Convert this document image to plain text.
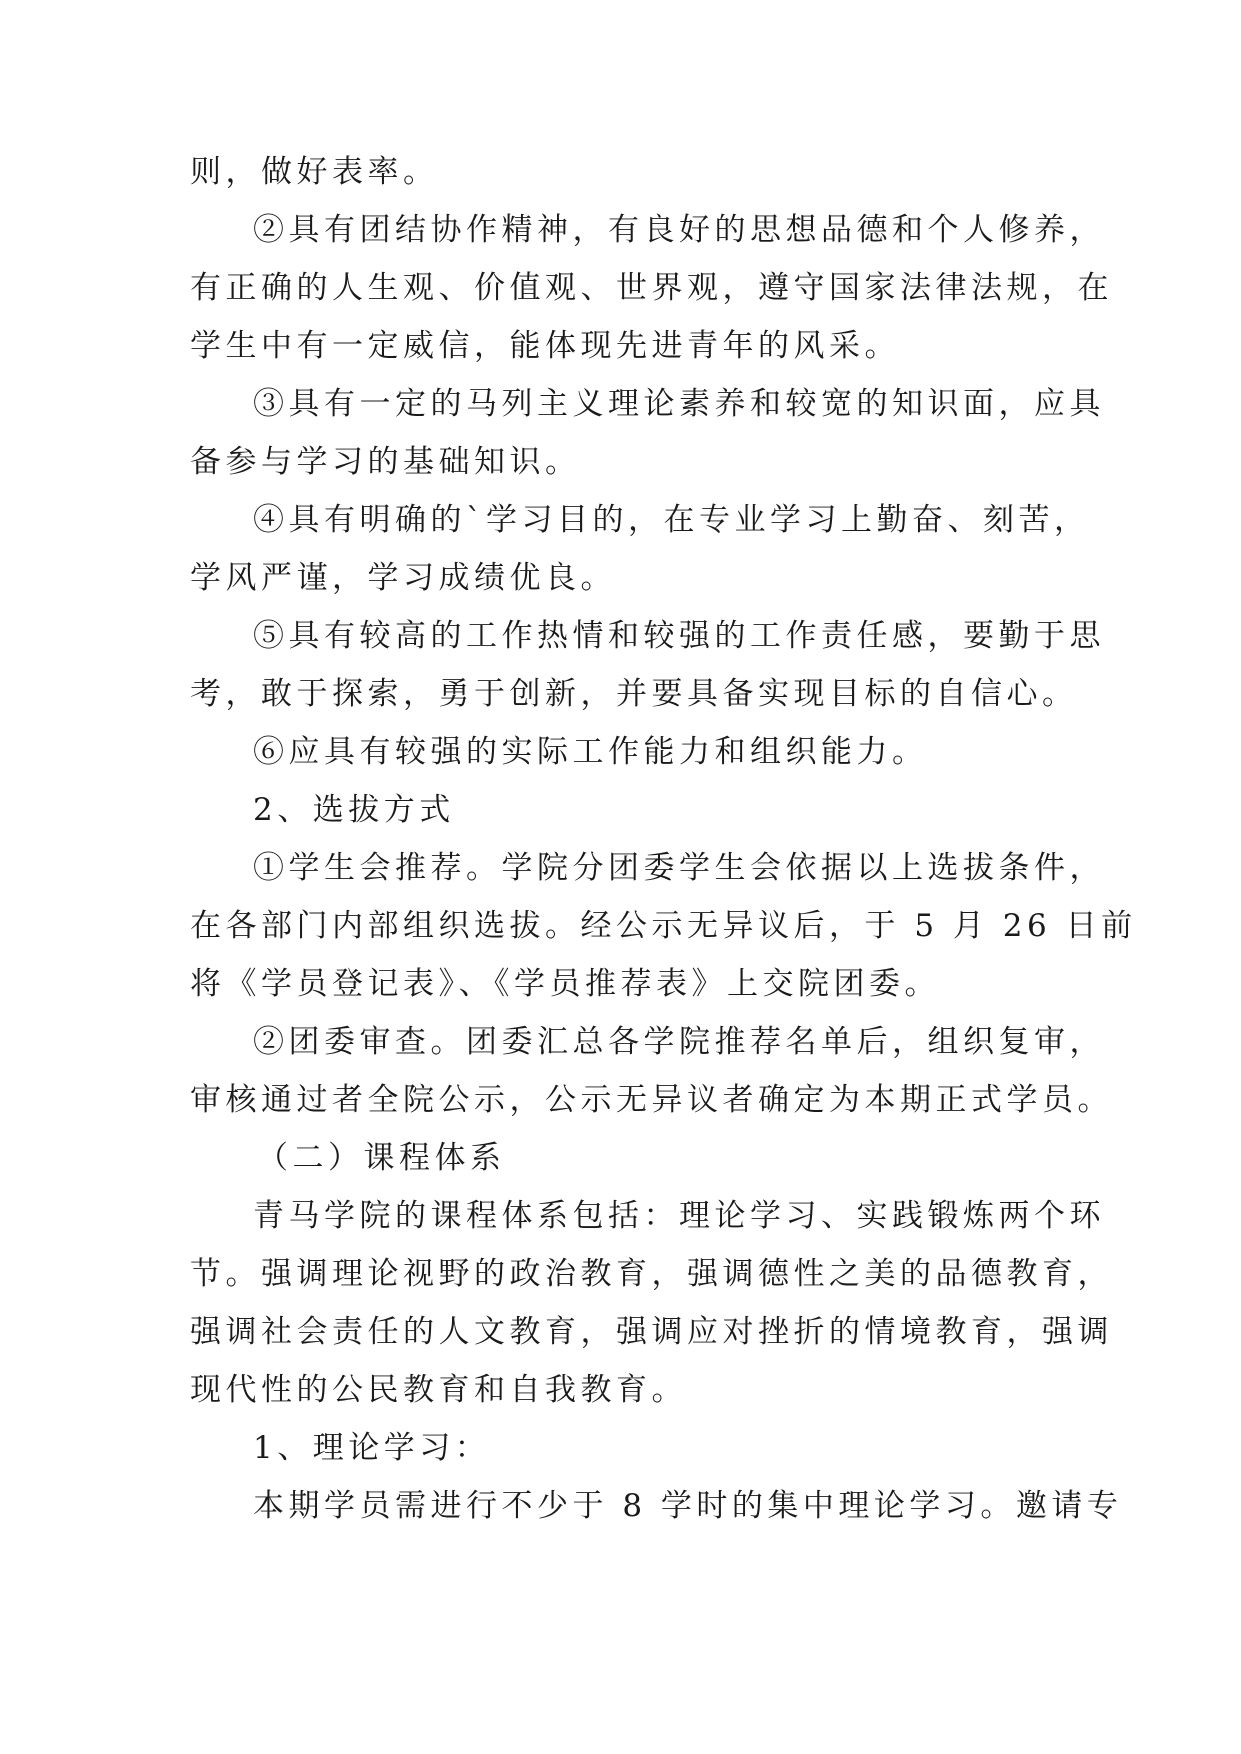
则，做好表率。
②具有团结协作精神，有良好的思想品德和个人修养，
有正确的人生观、价值观、世界观，遵守国家法律法规，在
学生中有一定威信，能体现先进青年的风采。
③具有一定的马列主义理论素养和较宽的知识面，应具
备参与学习的基础知识。
④具有明确的`学习目的，在专业学习上勤奋、刻苦，
学风严谨，学习成绩优良。
⑤具有较高的工作热情和较强的工作责任感，要勤于思
考，敢于探索，勇于创新，并要具备实现目标的自信心。
⑥应具有较强的实际工作能力和组织能力。
2、选拔方式
①学生会推荐。学院分团委学生会依据以上选拔条件，
在各部门内部组织选拔。经公示无异议后，于 5 月 26 日前
将《学员登记表》、《学员推荐表》上交院团委。
②团委审查。团委汇总各学院推荐名单后，组织复审，
审核通过者全院公示，公示无异议者确定为本期正式学员。
（二）课程体系
青马学院的课程体系包括：理论学习、实践锻炼两个环
节。强调理论视野的政治教育，强调德性之美的品德教育，
强调社会责任的人文教育，强调应对挫折的情境教育，强调
现代性的公民教育和自我教育。
1、理论学习：
本期学员需进行不少于 8 学时的集中理论学习。邀请专
